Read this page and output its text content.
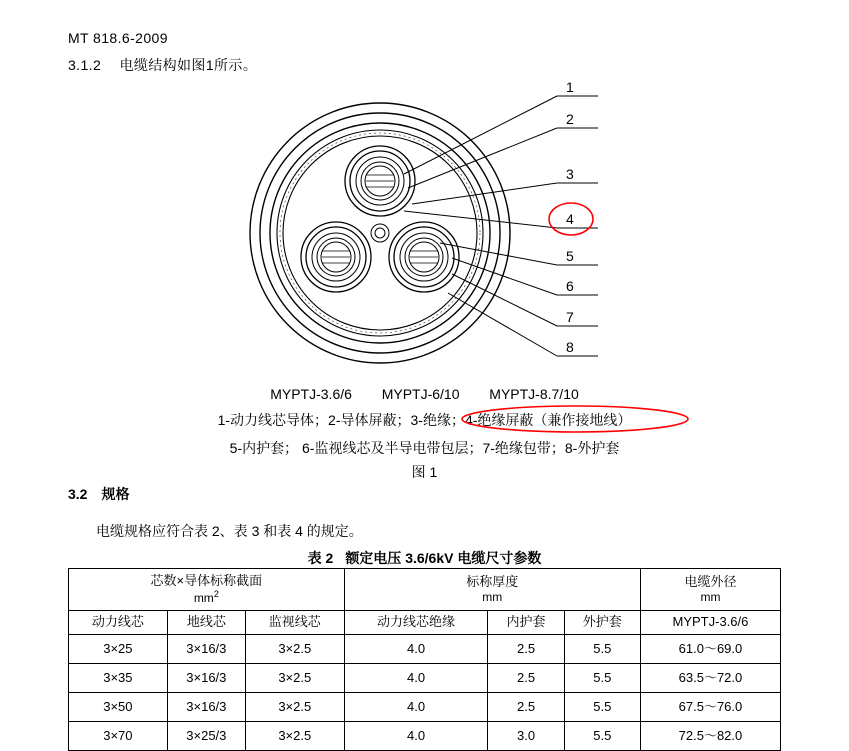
MT 818.6-2009
3.1.2 电缆结构如图1所示。
1
2
3
4
5
6
7
8
MYPTJ-3.6/6 MYPTJ-6/10 MYPTJ-8.7/10
1-动力线芯导体；2-导体屏蔽；3-绝缘；4-绝缘屏蔽（兼作接地线）
5-内护套； 6-监视线芯及半导电带包层；7-绝缘包带；8-外护套
图 1
3.2 规格
电缆规格应符合表 2、表 3 和表 4 的规定。
表 2 额定电压 3.6/6kV 电缆尺寸参数
芯数×导体标称截面
$mm^2$

标称厚度
mm

电缆外径
mm

动力线芯	地线芯	监视线芯	动力线芯绝缘	内护套	外护套	MYPTJ-3.6/6
3×25	3×16/3	3×2.5	4.0	2.5	5.5	61.0～69.0
3×35	3×16/3	3×2.5	4.0	2.5	5.5	63.5～72.0
3×50	3×16/3	3×2.5	4.0	2.5	5.5	67.5～76.0
3×70	3×25/3	3×2.5	4.0	3.0	5.5	72.5～82.0
